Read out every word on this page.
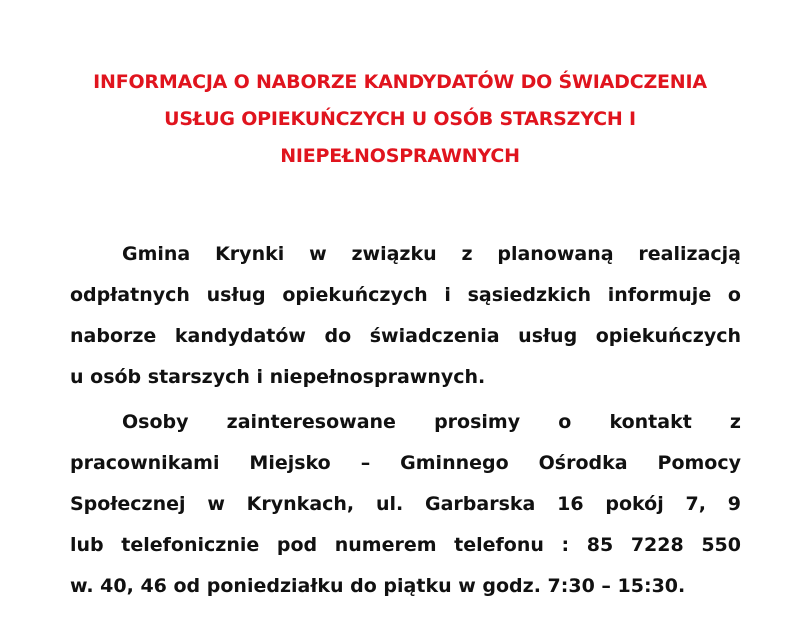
INFORMACJA O NABORZE KANDYDATÓW DO ŚWIADCZENIA
USŁUG OPIEKUŃCZYCH U OSÓB STARSZYCH I
NIEPEŁNOSPRAWNYCH
Gmina Krynki w związku z planowaną realizacją
odpłatnych usług opiekuńczych i sąsiedzkich informuje o
naborze kandydatów do świadczenia usług opiekuńczych
u osób starszych i niepełnosprawnych.
Osoby zainteresowane prosimy o kontakt z
pracownikami Miejsko – Gminnego Ośrodka Pomocy
Społecznej w Krynkach, ul. Garbarska 16 pokój 7, 9
lub telefonicznie pod numerem telefonu : 85 7228 550
w. 40, 46 od poniedziałku do piątku w godz. 7:30 – 15:30.
